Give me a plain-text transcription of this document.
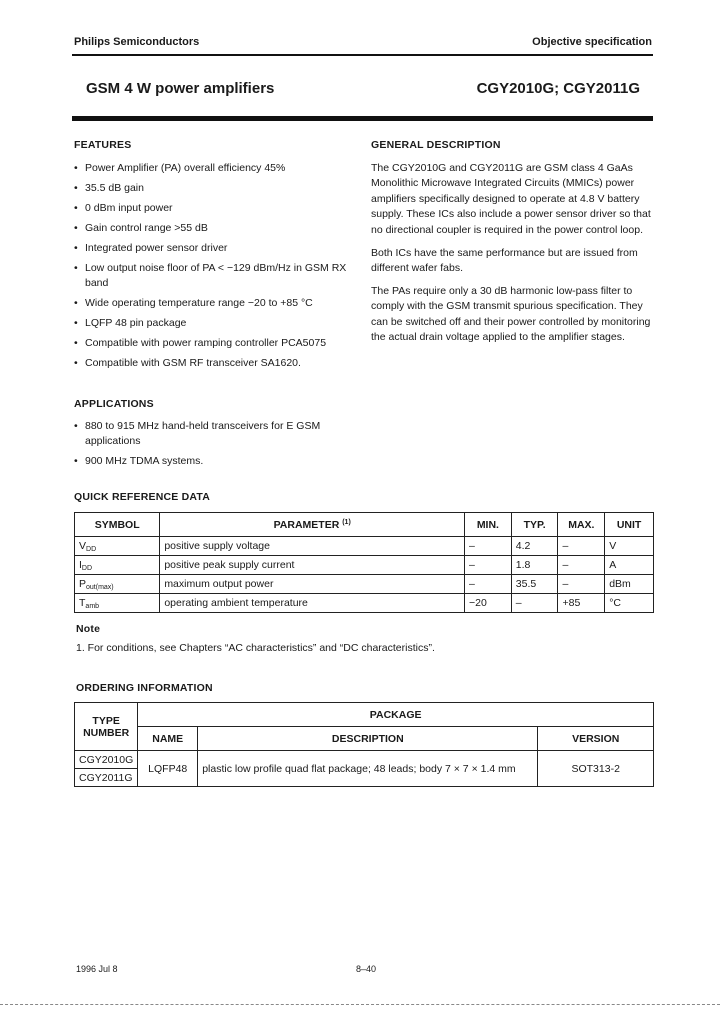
Philips Semiconductors	Objective specification
GSM 4 W power amplifiers	CGY2010G; CGY2011G
FEATURES
• Power Amplifier (PA) overall efficiency 45%
• 35.5 dB gain
• 0 dBm input power
• Gain control range >55 dB
• Integrated power sensor driver
• Low output noise floor of PA < −129 dBm/Hz in GSM RX band
• Wide operating temperature range −20 to +85 °C
• LQFP 48 pin package
• Compatible with power ramping controller PCA5075
• Compatible with GSM RF transceiver SA1620.
APPLICATIONS
• 880 to 915 MHz hand-held transceivers for E GSM applications
• 900 MHz TDMA systems.
GENERAL DESCRIPTION

The CGY2010G and CGY2011G are GSM class 4 GaAs Monolithic Microwave Integrated Circuits (MMICs) power amplifiers specifically designed to operate at 4.8 V battery supply. These ICs also include a power sensor driver so that no directional coupler is required in the power control loop.

Both ICs have the same performance but are issued from different wafer fabs.

The PAs require only a 30 dB harmonic low-pass filter to comply with the GSM transmit spurious specification. They can be switched off and their power controlled by monitoring the actual drain voltage applied to the amplifier stages.

QUICK REFERENCE DATA
SYMBOL	PARAMETER $^{(1)}$	MIN.	TYP.	MAX.	UNIT
$V_{DD}$	positive supply voltage	–	4.2	–	V
$I_{DD}$	positive peak supply current	–	1.8	–	A
$P_{out(max)}$	maximum output power	–	35.5	–	dBm
$T_{amb}$	operating ambient temperature	−20	–	+85	°C
Note
1. For conditions, see Chapters “AC characteristics” and “DC characteristics”.
ORDERING INFORMATION
TYPE NUMBER	PACKAGE		
	NAME	DESCRIPTION	VERSION
CGY2010G	LQFP48	plastic low profile quad flat package; 48 leads; body 7 × 7 × 1.4 mm	SOT313-2
CGY2011G			
1996 Jul 8	8–40
